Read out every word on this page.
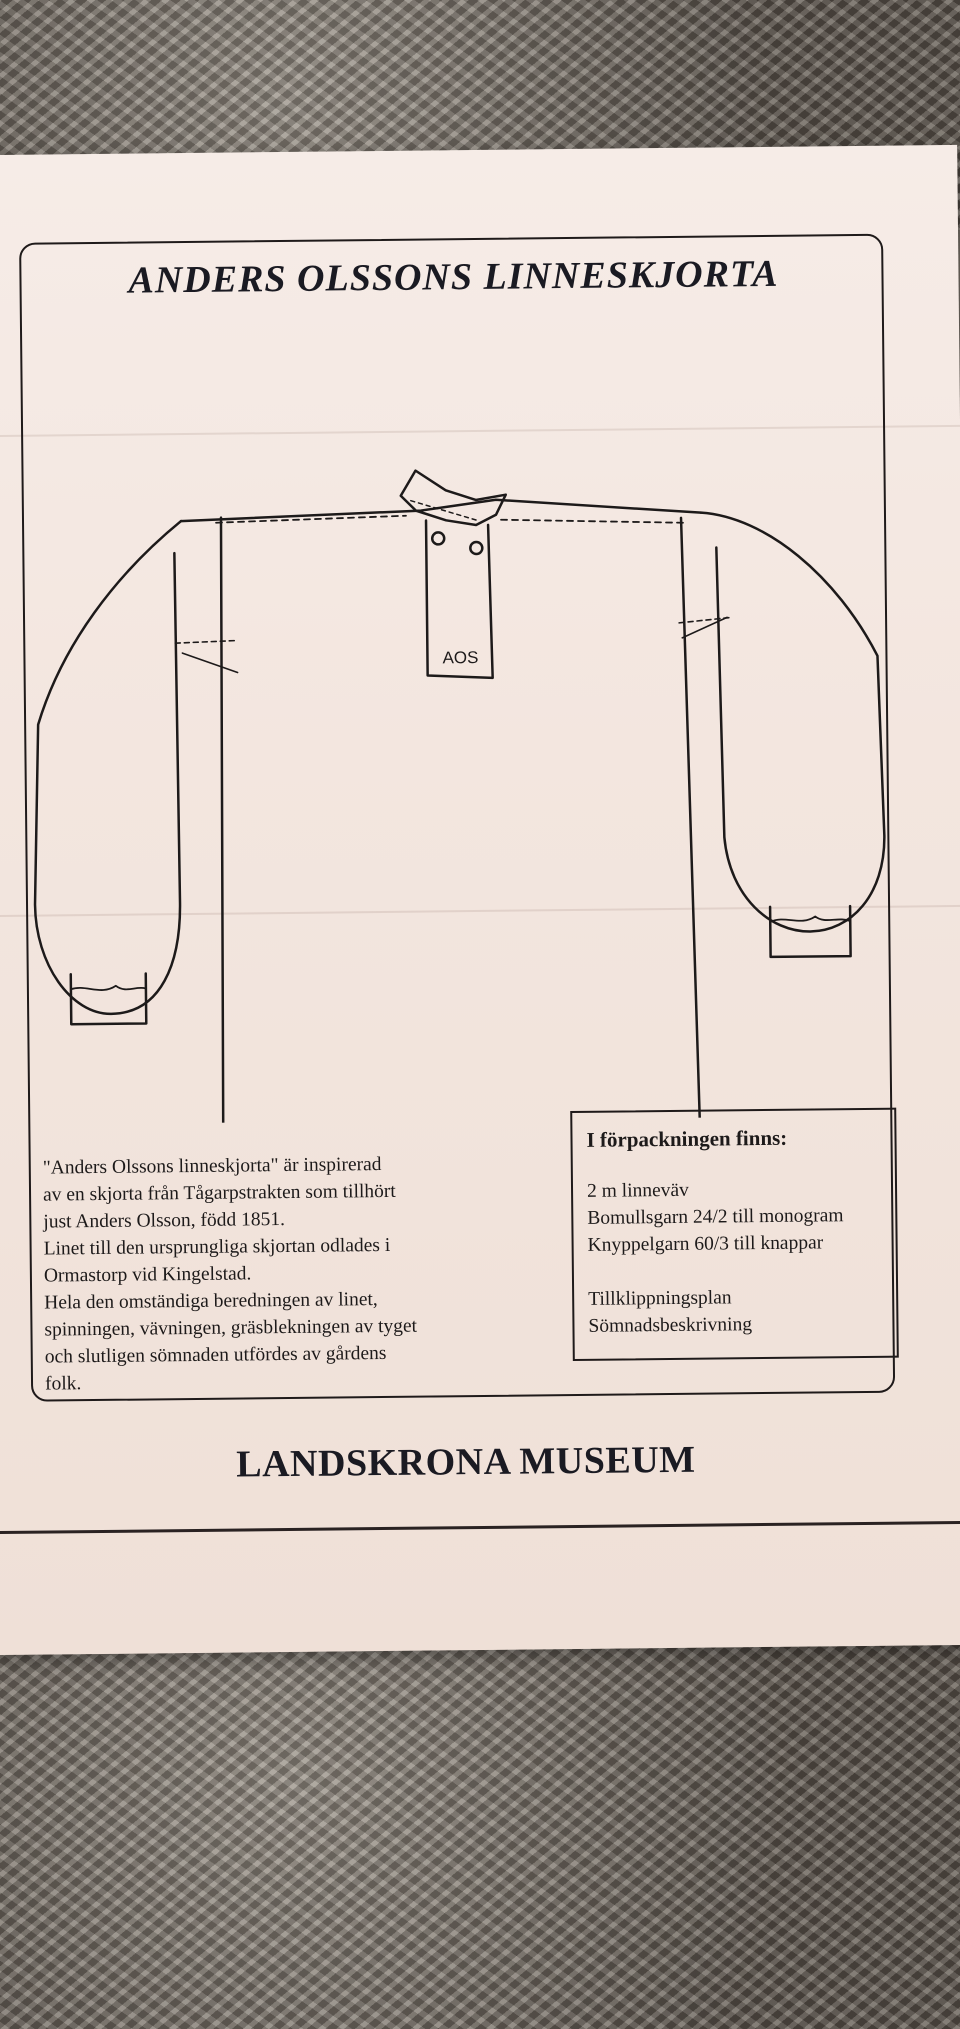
ANDERS OLSSONS LINNESKJORTA
AOS
"Anders Olssons linneskjorta" är inspirerad
av en skjorta från Tågarpstrakten som tillhört
just Anders Olsson, född 1851.
Linet till den ursprungliga skjortan odlades i
Ormastorp vid Kingelstad.
Hela den omständiga beredningen av linet,
spinningen, vävningen, gräsblekningen av tyget
och slutligen sömnaden utfördes av gårdens
folk.

I förpackningen finns:

2 m linneväv
Bomullsgarn 24/2 till monogram
Knyppelgarn 60/3 till knappar
Tillklippningsplan
Sömnadsbeskrivning
LANDSKRONA MUSEUM
